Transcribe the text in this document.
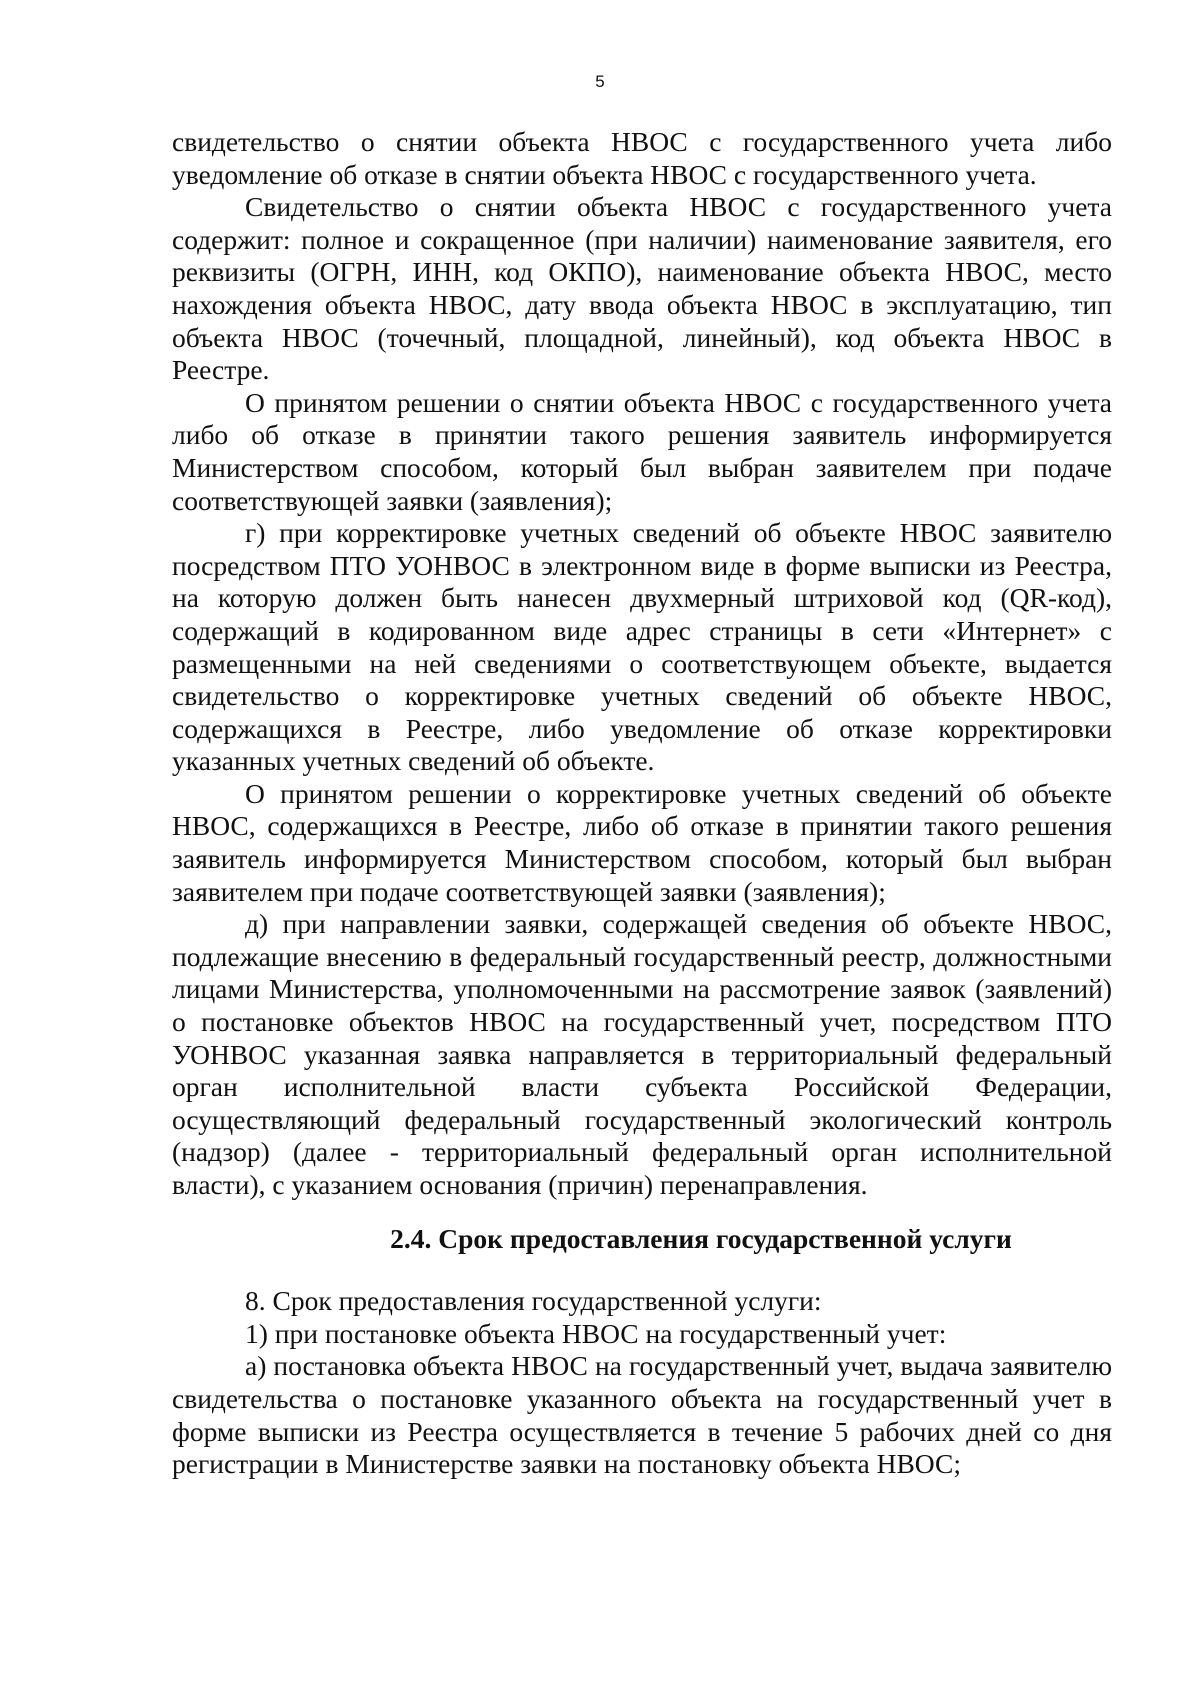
5

свидетельство о снятии объекта НВОС с государственного учета либо уведомление об отказе в снятии объекта НВОС с государственного учета.

Свидетельство о снятии объекта НВОС с государственного учета содержит: полное и сокращенное (при наличии) наименование заявителя, его реквизиты (ОГРН, ИНН, код ОКПО), наименование объекта НВОС, место нахождения объекта НВОС, дату ввода объекта НВОС в эксплуатацию, тип объекта НВОС (точечный, площадной, линейный), код объекта НВОС в Реестре.

О принятом решении о снятии объекта НВОС с государственного учета либо об отказе в принятии такого решения заявитель информируется Министерством способом, который был выбран заявителем при подаче соответствующей заявки (заявления);

г) при корректировке учетных сведений об объекте НВОС заявителю посредством ПТО УОНВОС в электронном виде в форме выписки из Реестра, на которую должен быть нанесен двухмерный штриховой код (QR-код), содержащий в кодированном виде адрес страницы в сети «Интернет» с размещенными на ней сведениями о соответствующем объекте, выдается свидетельство о корректировке учетных сведений об объекте НВОС, содержащихся в Реестре, либо уведомление об отказе корректировки указанных учетных сведений об объекте.

О принятом решении о корректировке учетных сведений об объекте НВОС, содержащихся в Реестре, либо об отказе в принятии такого решения заявитель информируется Министерством способом, который был выбран заявителем при подаче соответствующей заявки (заявления);

д) при направлении заявки, содержащей сведения об объекте НВОС, подлежащие внесению в федеральный государственный реестр, должностными лицами Министерства, уполномоченными на рассмотрение заявок (заявлений) о постановке объектов НВОС на государственный учет, посредством ПТО УОНВОС указанная заявка направляется в территориальный федеральный орган исполнительной власти субъекта Российской Федерации, осуществляющий федеральный государственный экологический контроль (надзор) (далее - территориальный федеральный орган исполнительной власти), с указанием основания (причин) перенаправления.

2.4. Срок предоставления государственной услуги

8. Срок предоставления государственной услуги:

1) при постановке объекта НВОС на государственный учет:

а) постановка объекта НВОС на государственный учет, выдача заявителю свидетельства о постановке указанного объекта на государственный учет в форме выписки из Реестра осуществляется в течение 5 рабочих дней со дня регистрации в Министерстве заявки на постановку объекта НВОС;
